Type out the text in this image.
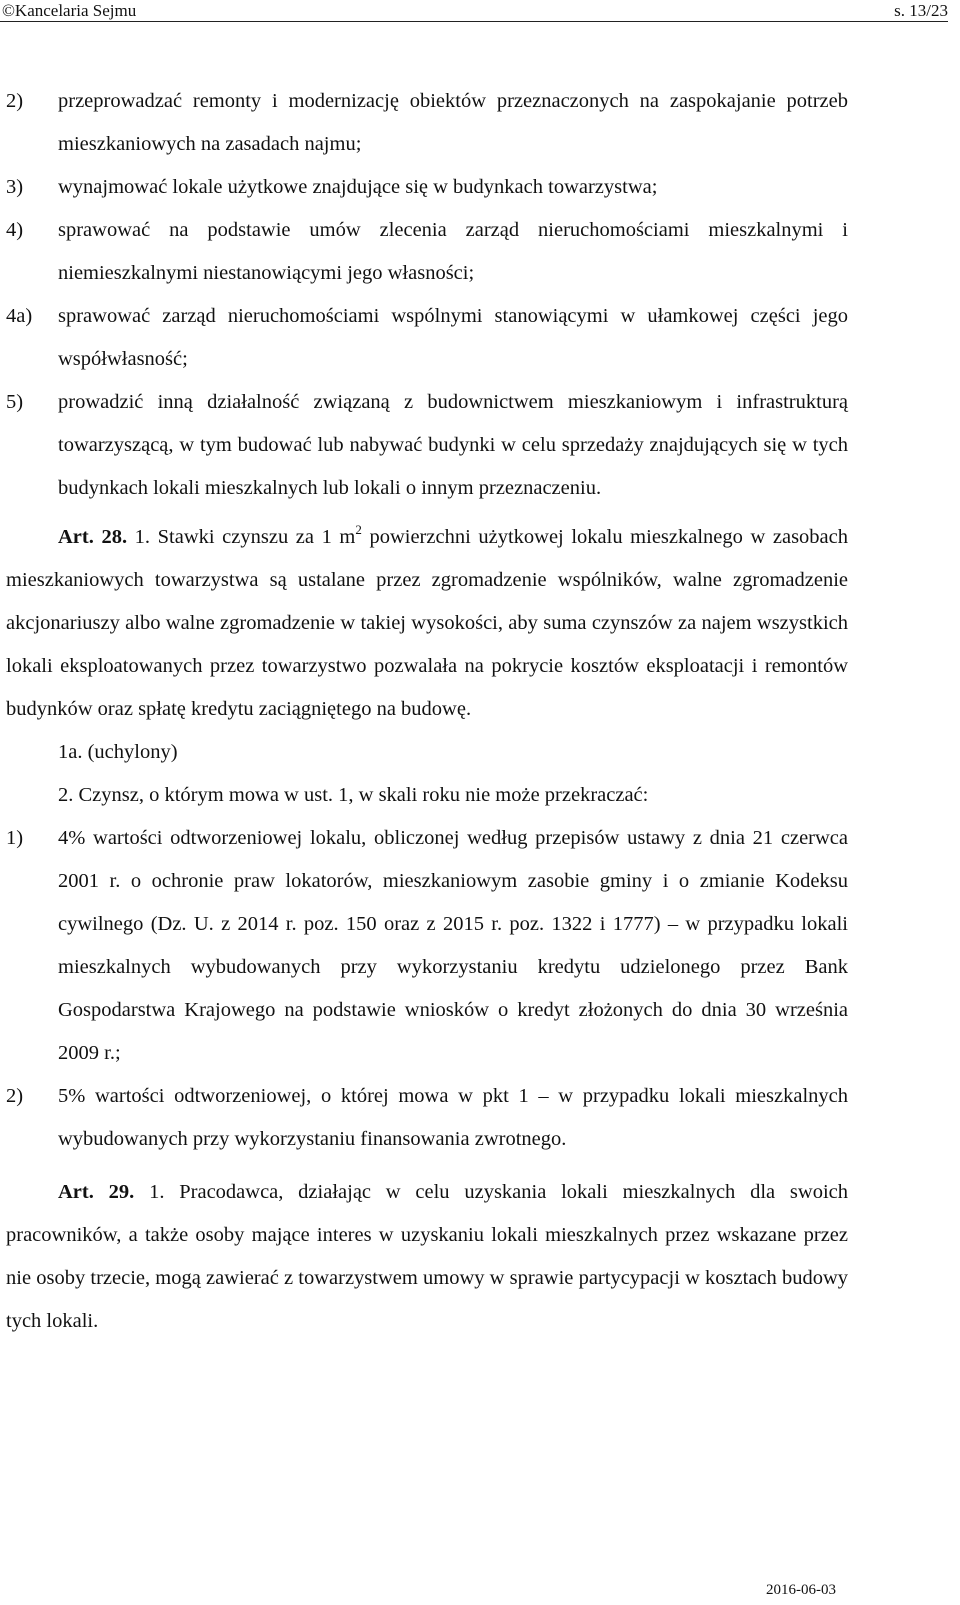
©Kancelaria Sejmu	s. 13/23
2) przeprowadzać remonty i modernizację obiektów przeznaczonych na zaspokajanie potrzeb mieszkaniowych na zasadach najmu;
3) wynajmować lokale użytkowe znajdujące się w budynkach towarzystwa;
4) sprawować na podstawie umów zlecenia zarząd nieruchomościami mieszkalnymi i niemieszkalnymi niestanowiącymi jego własności;
4a) sprawować zarząd nieruchomościami wspólnymi stanowiącymi w ułamkowej części jego współwłasność;
5) prowadzić inną działalność związaną z budownictwem mieszkaniowym i infrastrukturą towarzyszącą, w tym budować lub nabywać budynki w celu sprzedaży znajdujących się w tych budynkach lokali mieszkalnych lub lokali o innym przeznaczeniu.
Art. 28. 1. Stawki czynszu za 1 $m^2$ powierzchni użytkowej lokalu mieszkalnego w zasobach mieszkaniowych towarzystwa są ustalane przez zgromadzenie wspólników, walne zgromadzenie akcjonariuszy albo walne zgromadzenie w takiej wysokości, aby suma czynszów za najem wszystkich lokali eksploatowanych przez towarzystwo pozwalała na pokrycie kosztów eksploatacji i remontów budynków oraz spłatę kredytu zaciągniętego na budowę.
1a. (uchylony)
2. Czynsz, o którym mowa w ust. 1, w skali roku nie może przekraczać:
1) 4% wartości odtworzeniowej lokalu, obliczonej według przepisów ustawy z dnia 21 czerwca 2001 r. o ochronie praw lokatorów, mieszkaniowym zasobie gminy i o zmianie Kodeksu cywilnego (Dz. U. z 2014 r. poz. 150 oraz z 2015 r. poz. 1322 i 1777) – w przypadku lokali mieszkalnych wybudowanych przy wykorzystaniu kredytu udzielonego przez Bank Gospodarstwa Krajowego na podstawie wniosków o kredyt złożonych do dnia 30 września 2009 r.;
2) 5% wartości odtworzeniowej, o której mowa w pkt 1 – w przypadku lokali mieszkalnych wybudowanych przy wykorzystaniu finansowania zwrotnego.
Art. 29. 1. Pracodawca, działając w celu uzyskania lokali mieszkalnych dla swoich pracowników, a także osoby mające interes w uzyskaniu lokali mieszkalnych przez wskazane przez nie osoby trzecie, mogą zawierać z towarzystwem umowy w sprawie partycypacji w kosztach budowy tych lokali.
2016-06-03
